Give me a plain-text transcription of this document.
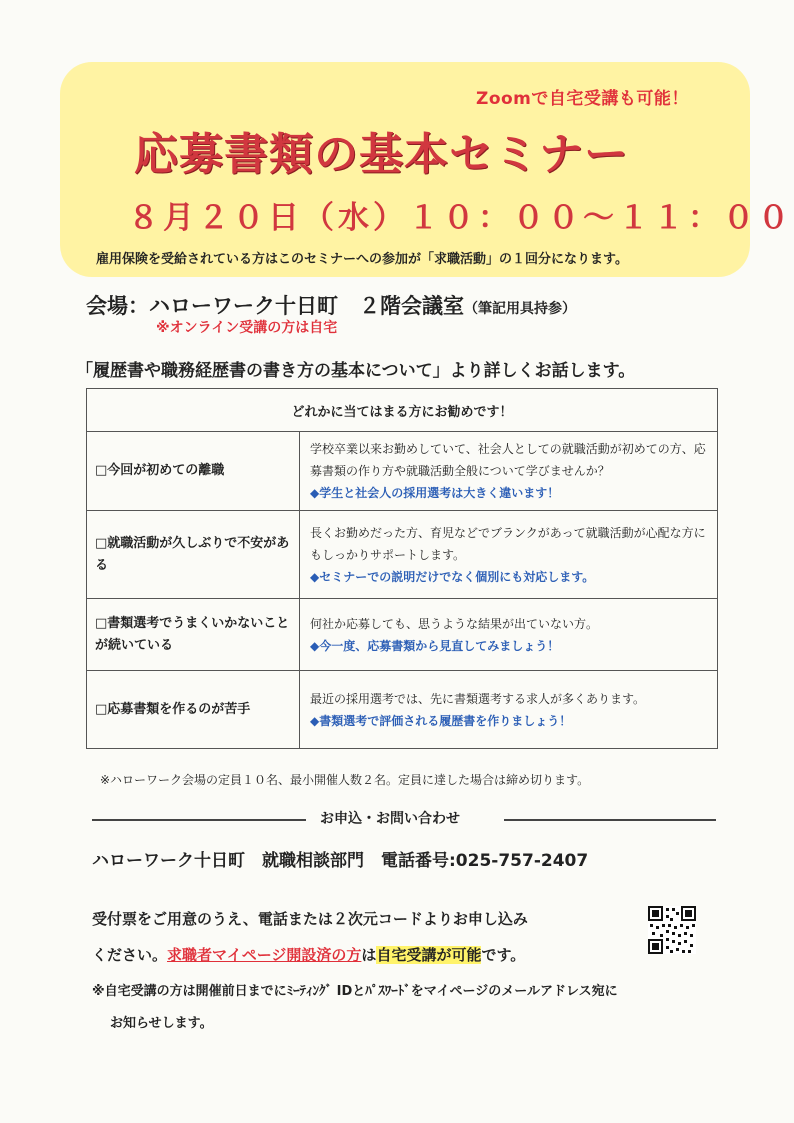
Zoomで自宅受講も可能！
応募書類の基本セミナー
８月２０日（水）１０：００～１１：００
雇用保険を受給されている方はこのセミナーへの参加が「求職活動」の１回分になります。
会場：ハローワーク十日町　２階会議室（筆記用具持参）
※オンライン受講の方は自宅
「履歴書や職務経歴書の書き方の基本について」より詳しくお話します。
どれかに当てはまる方にお勧めです！	
□今回が初めての離職	学校卒業以来お勤めしていて、社会人としての就職活動が初めての方、応募書類の作り方や就職活動全般について学びませんか？
◆学生と社会人の採用選考は大きく違います！

□就職活動が久しぶりで不安がある	長くお勤めだった方、育児などでブランクがあって就職活動が心配な方にもしっかりサポートします。
◆セミナーでの説明だけでなく個別にも対応します。

□書類選考でうまくいかないことが続いている	何社か応募しても、思うような結果が出ていない方。
◆今一度、応募書類から見直してみましょう！

□応募書類を作るのが苦手	最近の採用選考では、先に書類選考する求人が多くあります。
◆書類選考で評価される履歴書を作りましょう！
※ハローワーク会場の定員１０名、最小開催人数２名。定員に達した場合は締め切ります。
お申込・お問い合わせ
ハローワーク十日町　就職相談部門　電話番号:025-757-2407
受付票をご用意のうえ、電話または２次元コードよりお申し込み
ください。求職者マイページ開設済の方は自宅受講が可能です。
※自宅受講の方は開催前日までにﾐｰﾃｨﾝｸﾞ IDとﾊﾟｽﾜｰﾄﾞをマイページのメールアドレス宛に
お知らせします。
